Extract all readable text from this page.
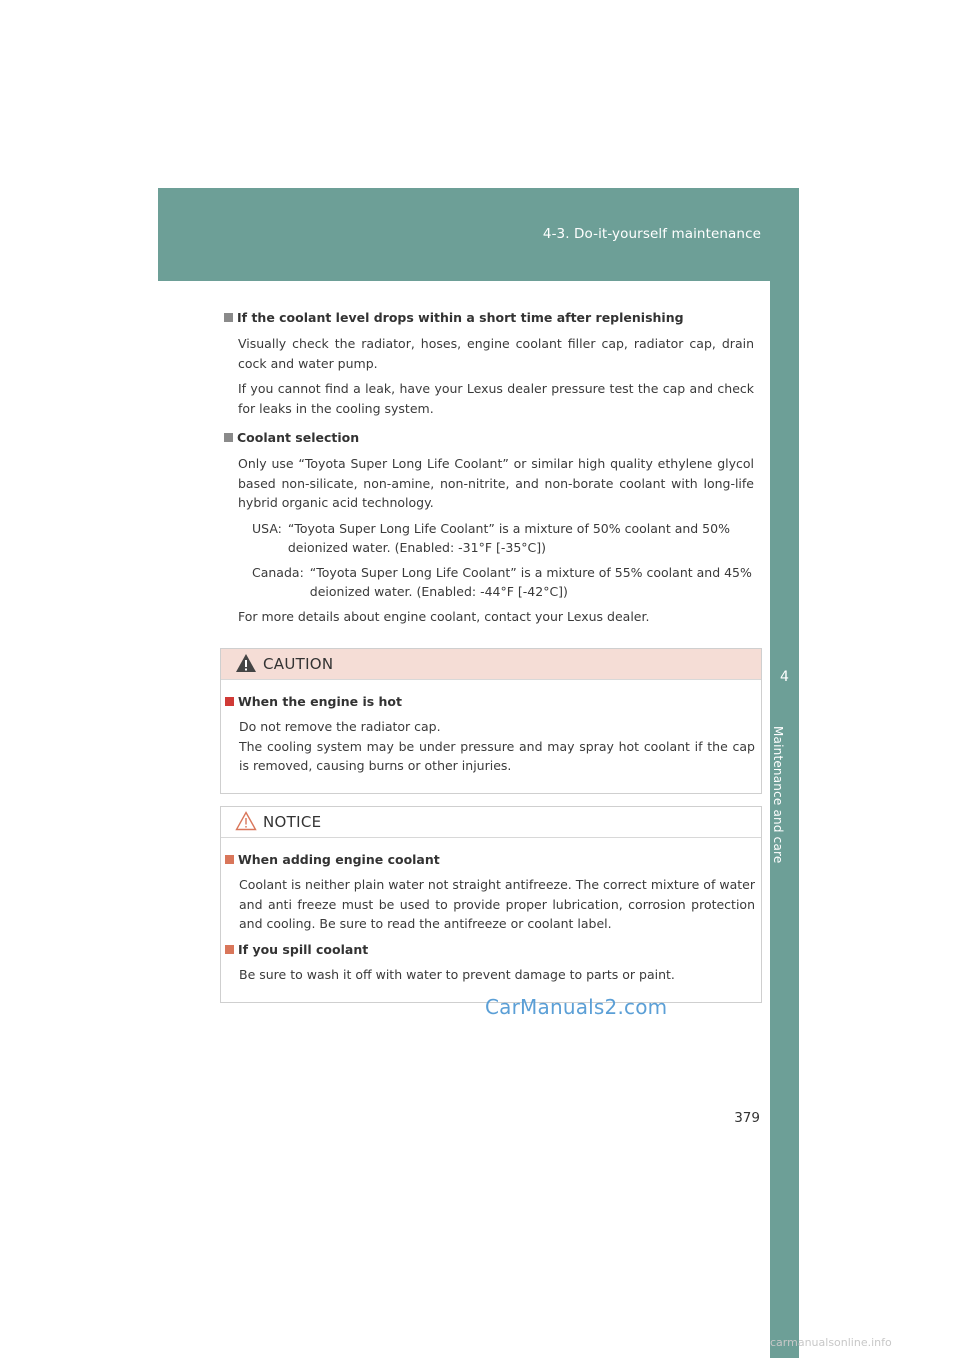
4-3. Do-it-yourself maintenance
4
Maintenance and care
If the coolant level drops within a short time after replenishing

Visually check the radiator, hoses, engine coolant filler cap, radiator cap, drain cock and water pump.

If you cannot find a leak, have your Lexus dealer pressure test the cap and check for leaks in the cooling system.

Coolant selection

Only use “Toyota Super Long Life Coolant” or similar high quality ethylene glycol based non-silicate, non-amine, non-nitrite, and non-borate coolant with long-life hybrid organic acid technology.

USA: “Toyota Super Long Life Coolant” is a mixture of 50% coolant and 50% deionized water. (Enabled: -31°F [-35°C])
Canada: “Toyota Super Long Life Coolant” is a mixture of 55% coolant and 45% deionized water. (Enabled: -44°F [-42°C])

For more details about engine coolant, contact your Lexus dealer.

CAUTION
When the engine is hot

Do not remove the radiator cap.

The cooling system may be under pressure and may spray hot coolant if the cap is removed, causing burns or other injuries.

NOTICE
When adding engine coolant

Coolant is neither plain water not straight antifreeze. The correct mixture of water and anti freeze must be used to provide proper lubrication, corrosion protection and cooling. Be sure to read the antifreeze or coolant label.

If you spill coolant

Be sure to wash it off with water to prevent damage to parts or paint.

CarManuals2.com
379
carmanualsonline.info
